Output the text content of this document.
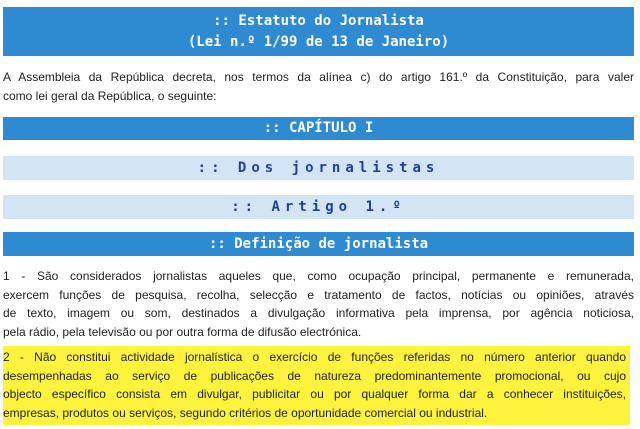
:: Estatuto do Jornalista
(Lei n.º 1/99 de 13 de Janeiro)
A Assembleia da República decreta, nos termos da alínea c) do artigo 161.º da Constituição, para valer
como lei geral da República, o seguinte:
:: CAPÍTULO I
:: Dos jornalistas
:: Artigo 1.º
:: Definição de jornalista
1 - São considerados jornalistas aqueles que, como ocupação principal, permanente e remunerada,
exercem funções de pesquisa, recolha, selecção e tratamento de factos, notícias ou opiniões, através
de texto, imagem ou som, destinados a divulgação informativa pela imprensa, por agência noticiosa,
pela rádio, pela televisão ou por outra forma de difusão electrónica.
2 - Não constitui actividade jornalística o exercício de funções referidas no número anterior quando
desempenhadas ao serviço de publicações de natureza predominantemente promocional, ou cujo
objecto específico consista em divulgar, publicitar ou por qualquer forma dar a conhecer instituições,
empresas, produtos ou serviços, segundo critérios de oportunidade comercial ou industrial.
